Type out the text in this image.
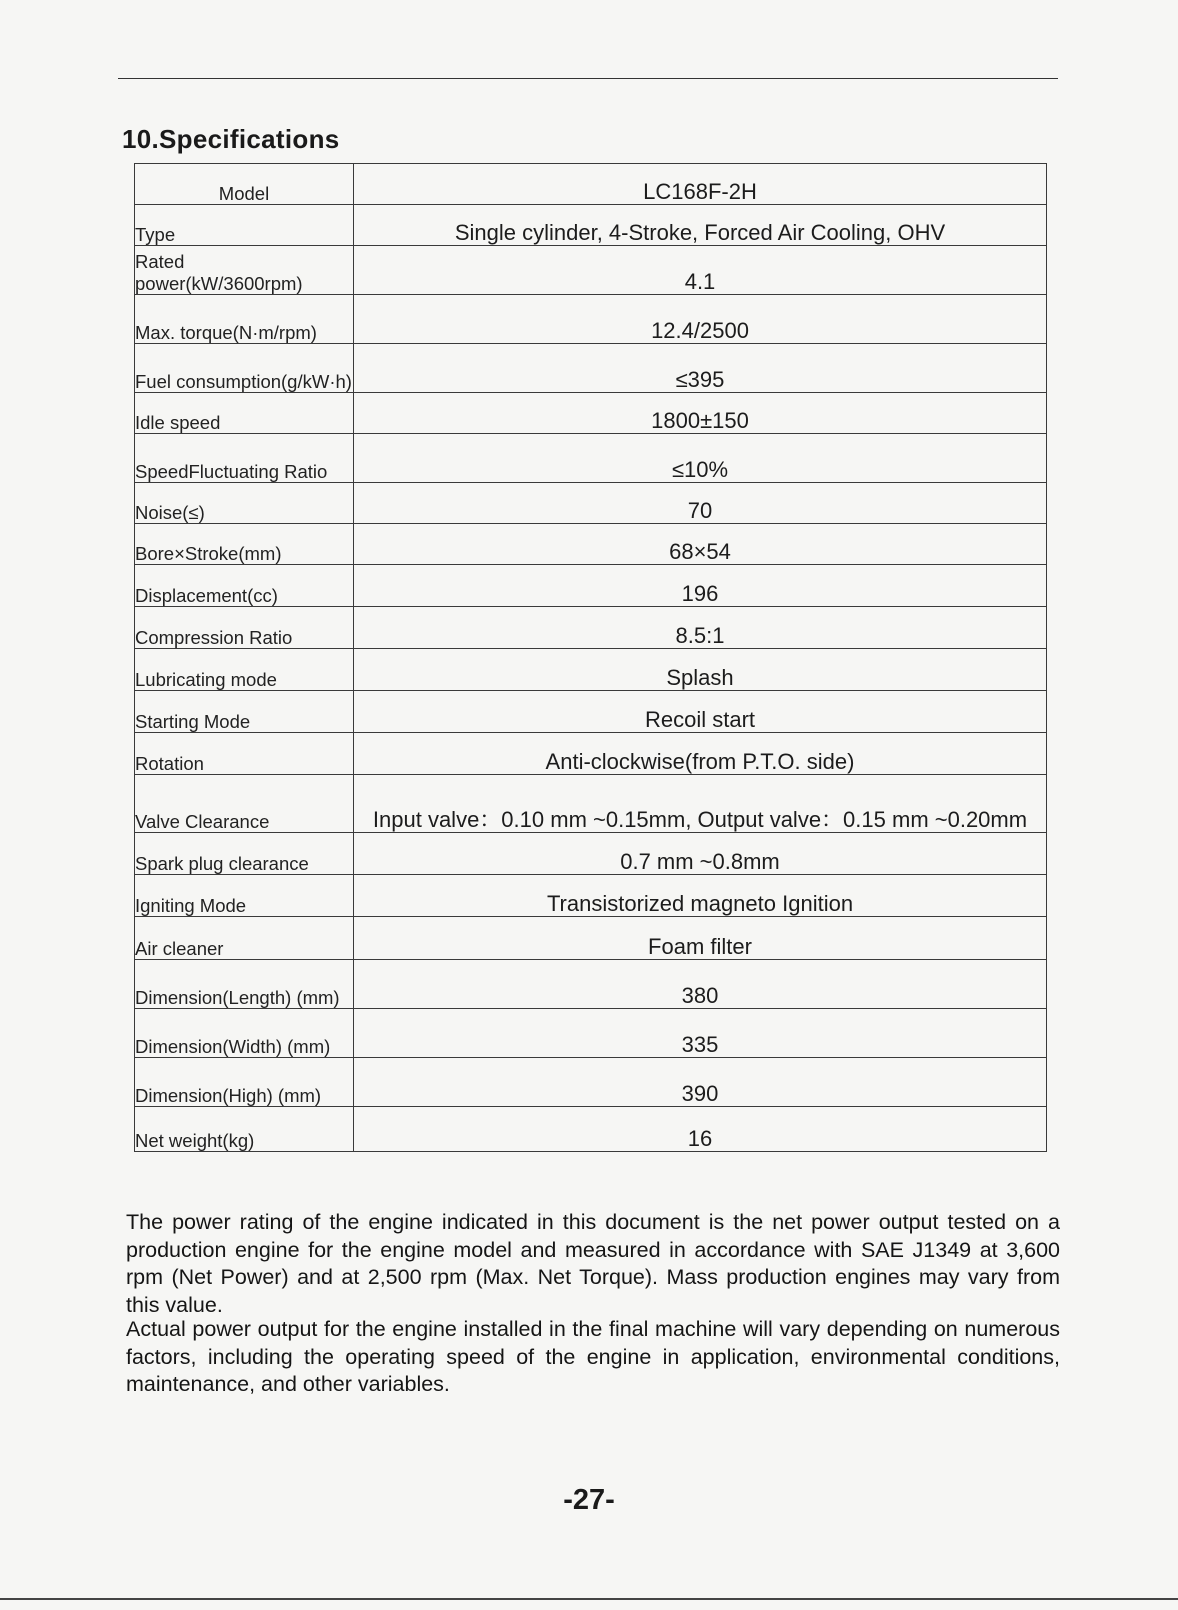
10.Specifications
Model	LC168F-2H
Type	Single cylinder, 4-Stroke, Forced Air Cooling, OHV
Rated power(kW/3600rpm)	4.1
Max. torque(N·m/rpm)	12.4/2500
Fuel consumption(g/kW·h)	≤395
Idle speed	1800±150
SpeedFluctuating Ratio	≤10%
Noise(≤)	70
Bore×Stroke(mm)	68×54
Displacement(cc)	196
Compression Ratio	8.5:1
Lubricating mode	Splash
Starting Mode	Recoil start
Rotation	Anti-clockwise(from P.T.O. side)
Valve Clearance	Input valve：0.10 mm ~0.15mm, Output valve：0.15 mm ~0.20mm
Spark plug clearance	0.7 mm ~0.8mm
Igniting Mode	Transistorized magneto Ignition
Air cleaner	Foam filter
Dimension(Length) (mm)	380
Dimension(Width) (mm)	335
Dimension(High) (mm)	390
Net weight(kg)	16

The power rating of the engine indicated in this document is the net power output tested on a production engine for the engine model and measured in accordance with SAE J1349 at 3,600 rpm (Net Power) and at 2,500 rpm (Max. Net Torque). Mass production engines may vary from this value.

Actual power output for the engine installed in the final machine will vary depending on numerous factors, including the operating speed of the engine in application, environmental conditions, maintenance, and other variables.

-27-
